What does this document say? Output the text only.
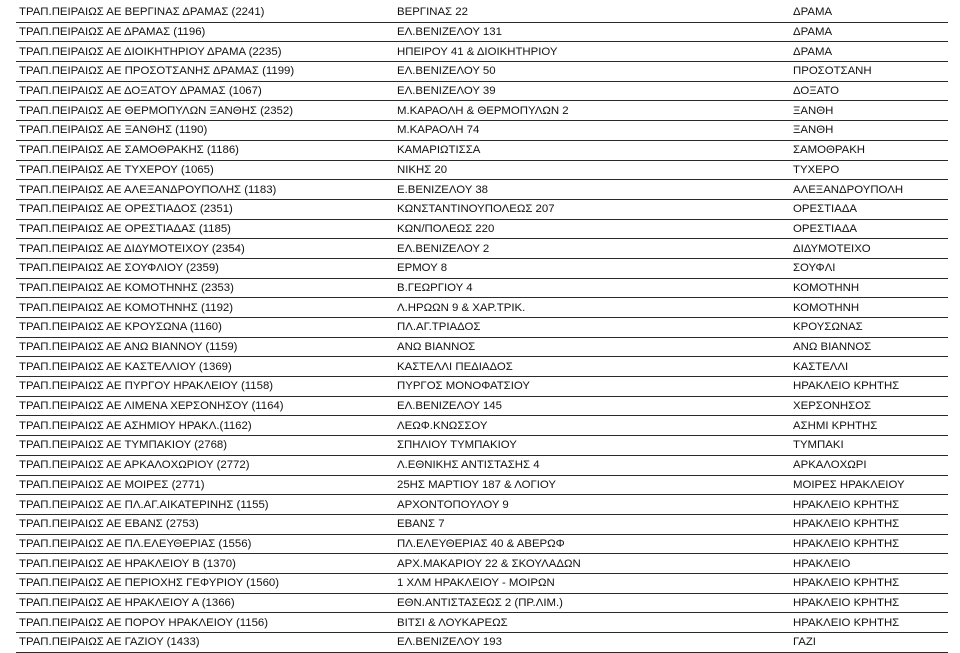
ΤΡΑΠ.ΠΕΙΡΑΙΩΣ ΑΕ ΒΕΡΓΙΝΑΣ ΔΡΑΜΑΣ (2241)	ΒΕΡΓΙΝΑΣ 22	ΔΡΑΜΑ
ΤΡΑΠ.ΠΕΙΡΑΙΩΣ ΑΕ ΔΡΑΜΑΣ (1196)	ΕΛ.ΒΕΝΙΖΕΛΟΥ 131	ΔΡΑΜΑ
ΤΡΑΠ.ΠΕΙΡΑΙΩΣ ΑΕ ΔΙΟΙΚΗΤΗΡΙΟΥ ΔΡΑΜΑ (2235)	ΗΠΕΙΡΟΥ 41 & ΔΙΟΙΚΗΤΗΡΙΟΥ	ΔΡΑΜΑ
ΤΡΑΠ.ΠΕΙΡΑΙΩΣ ΑΕ ΠΡΟΣΟΤΣΑΝΗΣ ΔΡΑΜΑΣ (1199)	ΕΛ.ΒΕΝΙΖΕΛΟΥ 50	ΠΡΟΣΟΤΣΑΝΗ
ΤΡΑΠ.ΠΕΙΡΑΙΩΣ ΑΕ ΔΟΞΑΤΟΥ ΔΡΑΜΑΣ (1067)	ΕΛ.ΒΕΝΙΖΕΛΟΥ 39	ΔΟΞΑΤΟ
ΤΡΑΠ.ΠΕΙΡΑΙΩΣ ΑΕ ΘΕΡΜΟΠΥΛΩΝ ΞΑΝΘΗΣ (2352)	Μ.ΚΑΡΑΟΛΗ & ΘΕΡΜΟΠΥΛΩΝ 2	ΞΑΝΘΗ
ΤΡΑΠ.ΠΕΙΡΑΙΩΣ ΑΕ ΞΑΝΘΗΣ (1190)	Μ.ΚΑΡΑΟΛΗ 74	ΞΑΝΘΗ
ΤΡΑΠ.ΠΕΙΡΑΙΩΣ ΑΕ ΣΑΜΟΘΡΑΚΗΣ (1186)	ΚΑΜΑΡΙΩΤΙΣΣΑ	ΣΑΜΟΘΡΑΚΗ
ΤΡΑΠ.ΠΕΙΡΑΙΩΣ ΑΕ ΤΥΧΕΡΟΥ (1065)	ΝΙΚΗΣ 20	ΤΥΧΕΡΟ
ΤΡΑΠ.ΠΕΙΡΑΙΩΣ ΑΕ ΑΛΕΞΑΝΔΡΟΥΠΟΛΗΣ (1183)	Ε.ΒΕΝΙΖΕΛΟΥ 38	ΑΛΕΞΑΝΔΡΟΥΠΟΛΗ
ΤΡΑΠ.ΠΕΙΡΑΙΩΣ ΑΕ ΟΡΕΣΤΙΑΔΟΣ (2351)	ΚΩΝΣΤΑΝΤΙΝΟΥΠΟΛΕΩΣ 207	ΟΡΕΣΤΙΑΔΑ
ΤΡΑΠ.ΠΕΙΡΑΙΩΣ ΑΕ ΟΡΕΣΤΙΑΔΑΣ (1185)	ΚΩΝ/ΠΟΛΕΩΣ 220	ΟΡΕΣΤΙΑΔΑ
ΤΡΑΠ.ΠΕΙΡΑΙΩΣ ΑΕ ΔΙΔΥΜΟΤΕΙΧΟΥ (2354)	ΕΛ.ΒΕΝΙΖΕΛΟΥ 2	ΔΙΔΥΜΟΤΕΙΧΟ
ΤΡΑΠ.ΠΕΙΡΑΙΩΣ ΑΕ ΣΟΥΦΛΙΟΥ (2359)	ΕΡΜΟΥ 8	ΣΟΥΦΛΙ
ΤΡΑΠ.ΠΕΙΡΑΙΩΣ ΑΕ ΚΟΜΟΤΗΝΗΣ (2353)	Β.ΓΕΩΡΓΙΟΥ 4	ΚΟΜΟΤΗΝΗ
ΤΡΑΠ.ΠΕΙΡΑΙΩΣ ΑΕ ΚΟΜΟΤΗΝΗΣ (1192)	Λ.ΗΡΩΩΝ 9 & ΧΑΡ.ΤΡΙΚ.	ΚΟΜΟΤΗΝΗ
ΤΡΑΠ.ΠΕΙΡΑΙΩΣ ΑΕ ΚΡΟΥΣΩΝΑ (1160)	ΠΛ.ΑΓ.ΤΡΙΑΔΟΣ	ΚΡΟΥΣΩΝΑΣ
ΤΡΑΠ.ΠΕΙΡΑΙΩΣ ΑΕ ΑΝΩ ΒΙΑΝΝΟΥ (1159)	ΑΝΩ ΒΙΑΝΝΟΣ	ΑΝΩ ΒΙΑΝΝΟΣ
ΤΡΑΠ.ΠΕΙΡΑΙΩΣ ΑΕ ΚΑΣΤΕΛΛΙΟΥ (1369)	ΚΑΣΤΕΛΛΙ ΠΕΔΙΑΔΟΣ	ΚΑΣΤΕΛΛΙ
ΤΡΑΠ.ΠΕΙΡΑΙΩΣ ΑΕ ΠΥΡΓΟΥ ΗΡΑΚΛΕΙΟΥ (1158)	ΠΥΡΓΟΣ ΜΟΝΟΦΑΤΣΙΟΥ	ΗΡΑΚΛΕΙΟ ΚΡΗΤΗΣ
ΤΡΑΠ.ΠΕΙΡΑΙΩΣ ΑΕ ΛΙΜΕΝΑ ΧΕΡΣΟΝΗΣΟΥ (1164)	ΕΛ.ΒΕΝΙΖΕΛΟΥ 145	ΧΕΡΣΟΝΗΣΟΣ
ΤΡΑΠ.ΠΕΙΡΑΙΩΣ ΑΕ ΑΣΗΜΙΟΥ ΗΡΑΚΛ.(1162)	ΛΕΩΦ.ΚΝΩΣΣΟΥ	ΑΣΗΜΙ ΚΡΗΤΗΣ
ΤΡΑΠ.ΠΕΙΡΑΙΩΣ ΑΕ ΤΥΜΠΑΚΙΟΥ (2768)	ΣΠΗΛΙΟΥ ΤΥΜΠΑΚΙΟΥ	ΤΥΜΠΑΚΙ
ΤΡΑΠ.ΠΕΙΡΑΙΩΣ ΑΕ ΑΡΚΑΛΟΧΩΡΙΟΥ (2772)	Λ.ΕΘΝΙΚΗΣ ΑΝΤΙΣΤΑΣΗΣ 4	ΑΡΚΑΛΟΧΩΡΙ
ΤΡΑΠ.ΠΕΙΡΑΙΩΣ ΑΕ ΜΟΙΡΕΣ (2771)	25ΗΣ ΜΑΡΤΙΟΥ 187 & ΛΟΓΙΟΥ	ΜΟΙΡΕΣ ΗΡΑΚΛΕΙΟΥ
ΤΡΑΠ.ΠΕΙΡΑΙΩΣ ΑΕ ΠΛ.ΑΓ.ΑΙΚΑΤΕΡΙΝΗΣ (1155)	ΑΡΧΟΝΤΟΠΟΥΛΟΥ 9	ΗΡΑΚΛΕΙΟ ΚΡΗΤΗΣ
ΤΡΑΠ.ΠΕΙΡΑΙΩΣ ΑΕ ΕΒΑΝΣ (2753)	ΕΒΑΝΣ 7	ΗΡΑΚΛΕΙΟ ΚΡΗΤΗΣ
ΤΡΑΠ.ΠΕΙΡΑΙΩΣ ΑΕ ΠΛ.ΕΛΕΥΘΕΡΙΑΣ (1556)	ΠΛ.ΕΛΕΥΘΕΡΙΑΣ 40 & ΑΒΕΡΩΦ	ΗΡΑΚΛΕΙΟ ΚΡΗΤΗΣ
ΤΡΑΠ.ΠΕΙΡΑΙΩΣ ΑΕ ΗΡΑΚΛΕΙΟΥ Β (1370)	ΑΡΧ.ΜΑΚΑΡΙΟΥ 22 & ΣΚΟΥΛΑΔΩΝ	ΗΡΑΚΛΕΙΟ
ΤΡΑΠ.ΠΕΙΡΑΙΩΣ ΑΕ ΠΕΡΙΟΧΗΣ ΓΕΦΥΡΙΟΥ (1560)	1 ΧΛΜ ΗΡΑΚΛΕΙΟΥ - ΜΟΙΡΩΝ	ΗΡΑΚΛΕΙΟ ΚΡΗΤΗΣ
ΤΡΑΠ.ΠΕΙΡΑΙΩΣ ΑΕ ΗΡΑΚΛΕΙΟΥ Α (1366)	ΕΘΝ.ΑΝΤΙΣΤΑΣΕΩΣ 2 (ΠΡ.ΛΙΜ.)	ΗΡΑΚΛΕΙΟ ΚΡΗΤΗΣ
ΤΡΑΠ.ΠΕΙΡΑΙΩΣ ΑΕ ΠΟΡΟΥ ΗΡΑΚΛΕΙΟΥ (1156)	ΒΙΤΣΙ & ΛΟΥΚΑΡΕΩΣ	ΗΡΑΚΛΕΙΟ ΚΡΗΤΗΣ
ΤΡΑΠ.ΠΕΙΡΑΙΩΣ ΑΕ ΓΑΖΙΟΥ (1433)	ΕΛ.ΒΕΝΙΖΕΛΟΥ 193	ΓΑΖΙ
